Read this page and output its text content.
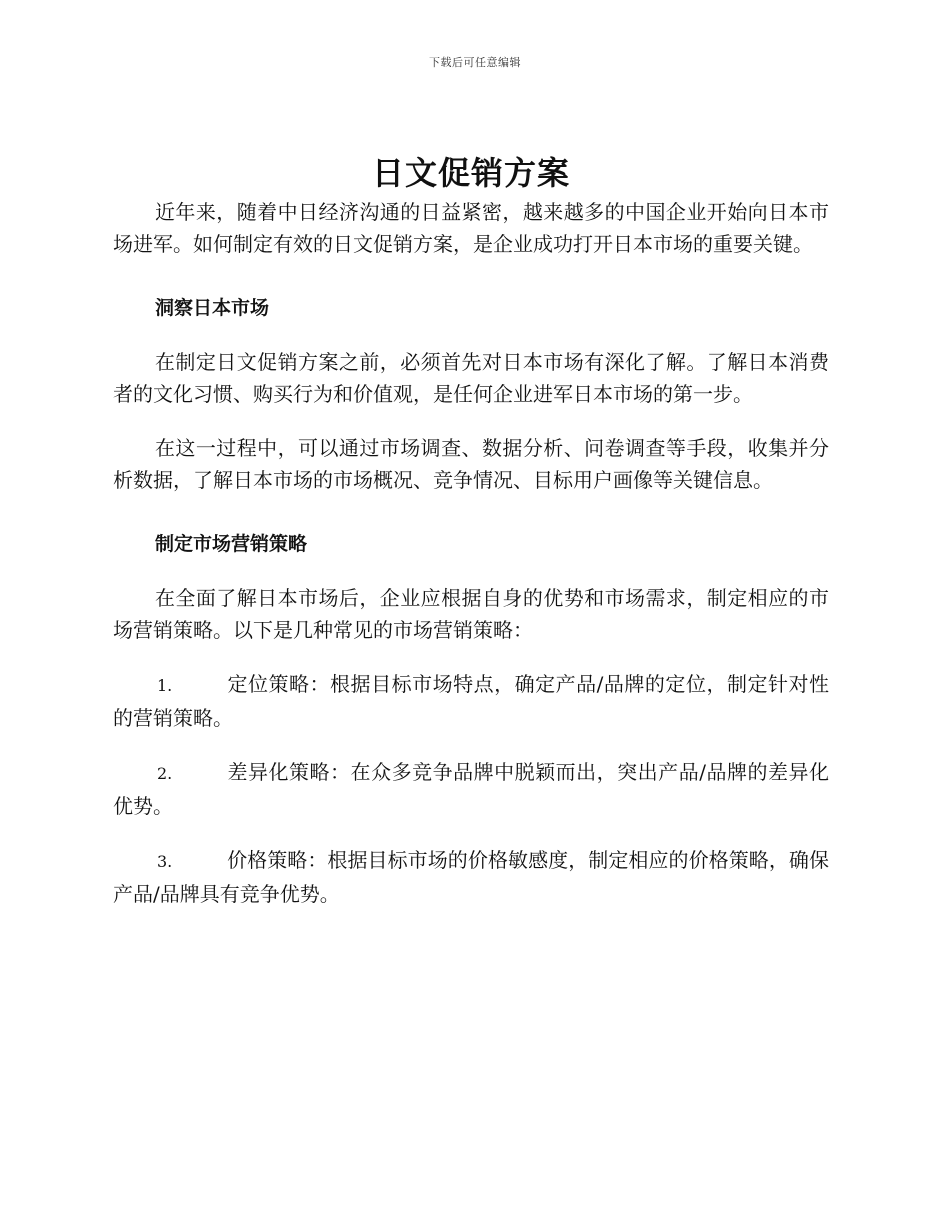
下载后可任意编辑
日文促销方案

近年来，随着中日经济沟通的日益紧密，越来越多的中国企业开始向日本市场进军。如何制定有效的日文促销方案，是企业成功打开日本市场的重要关键。

洞察日本市场

在制定日文促销方案之前，必须首先对日本市场有深化了解。了解日本消费者的文化习惯、购买行为和价值观，是任何企业进军日本市场的第一步。

在这一过程中，可以通过市场调查、数据分析、问卷调查等手段，收集并分析数据，了解日本市场的市场概况、竞争情况、目标用户画像等关键信息。

制定市场营销策略

在全面了解日本市场后，企业应根据自身的优势和市场需求，制定相应的市场营销策略。以下是几种常见的市场营销策略：

1.	定位策略：根据目标市场特点，确定产品/品牌的定位，制定针对性的营销策略。
2.	差异化策略：在众多竞争品牌中脱颖而出，突出产品/品牌的差异化优势。
3.	价格策略：根据目标市场的价格敏感度，制定相应的价格策略，确保产品/品牌具有竞争优势。
